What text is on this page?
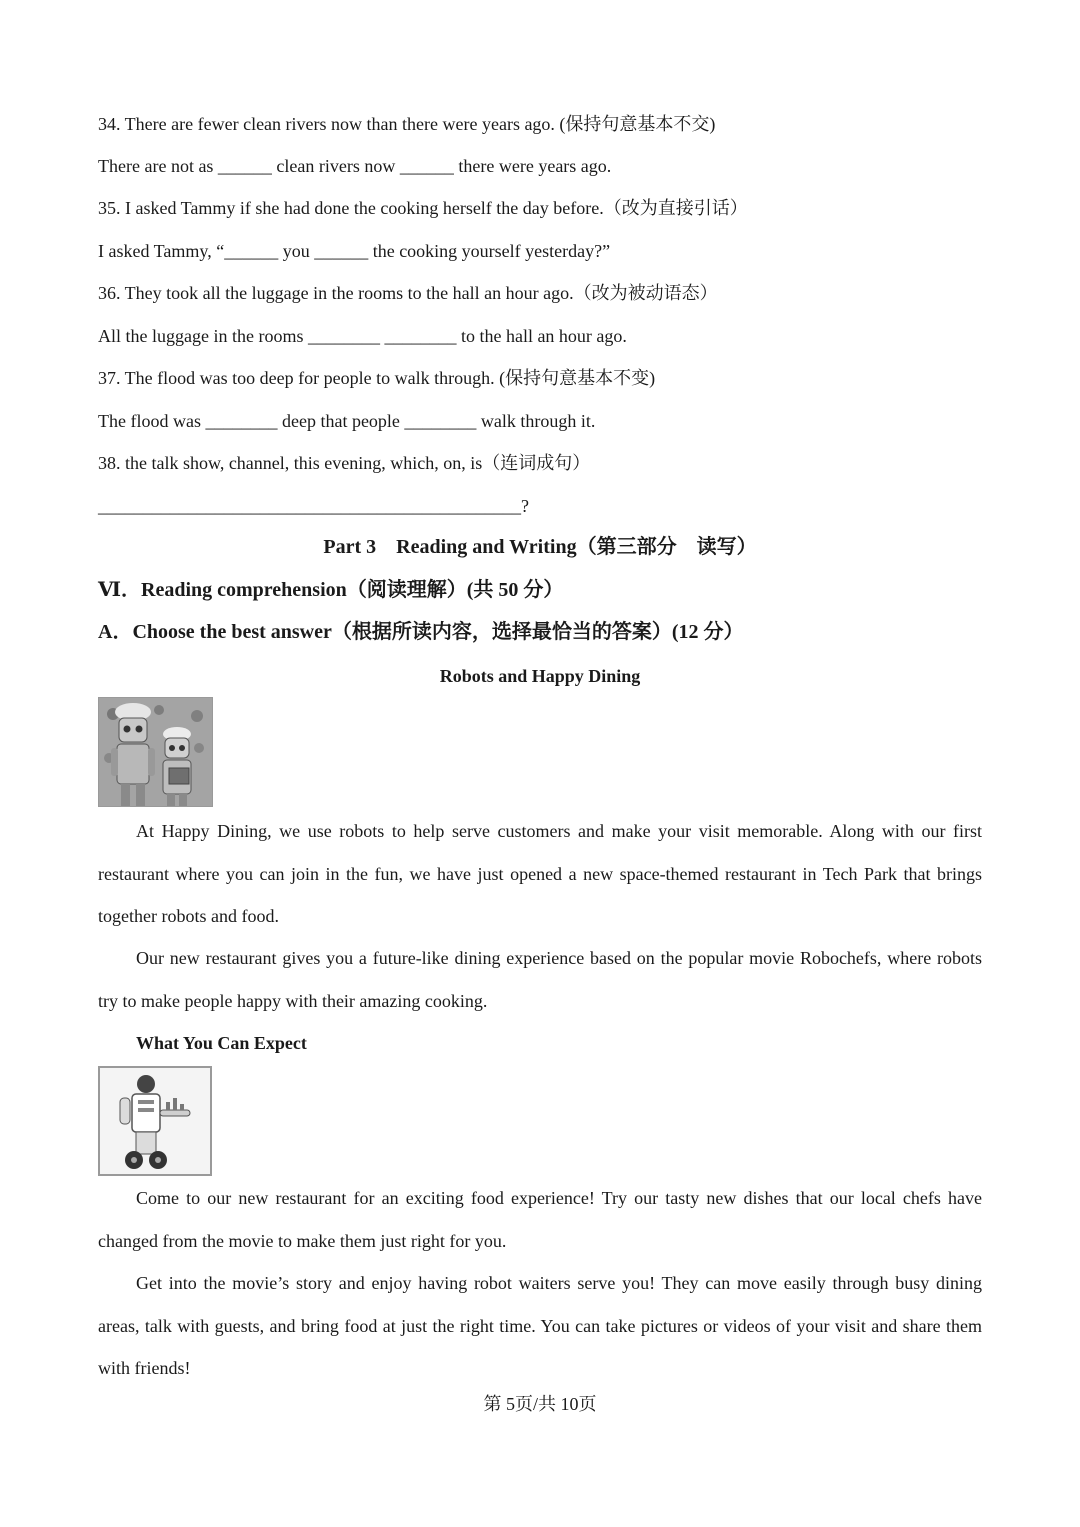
34. There are fewer clean rivers now than there were years ago. (保持句意基本不交)

There are not as ______ clean rivers now ______ there were years ago.

35. I asked Tammy if she had done the cooking herself the day before.（改为直接引话）

I asked Tammy, “______ you ______ the cooking yourself yesterday?”

36. They took all the luggage in the rooms to the hall an hour ago.（改为被动语态）

All the luggage in the rooms ________ ________ to the hall an hour ago.

37. The flood was too deep for people to walk through. (保持句意基本不变)

The flood was ________ deep that people ________ walk through it.

38. the talk show, channel, this evening, which, on, is（连词成句）

_______________________________________________?

Part 3　Reading and Writing（第三部分　读写）

Ⅵ．Reading comprehension（阅读理解）(共 50 分）

A．Choose the best answer（根据所读内容，选择最恰当的答案）(12 分）

Robots and Happy Dining

At Happy Dining, we use robots to help serve customers and make your visit memorable. Along with our first restaurant where you can join in the fun, we have just opened a new space-themed restaurant in Tech Park that brings together robots and food.

Our new restaurant gives you a future-like dining experience based on the popular movie Robochefs, where robots try to make people happy with their amazing cooking.

What You Can Expect

Come to our new restaurant for an exciting food experience! Try our tasty new dishes that our local chefs have changed from the movie to make them just right for you.

Get into the movie’s story and enjoy having robot waiters serve you! They can move easily through busy dining areas, talk with guests, and bring food at just the right time. You can take pictures or videos of your visit and share them with friends!

第 5页/共 10页
